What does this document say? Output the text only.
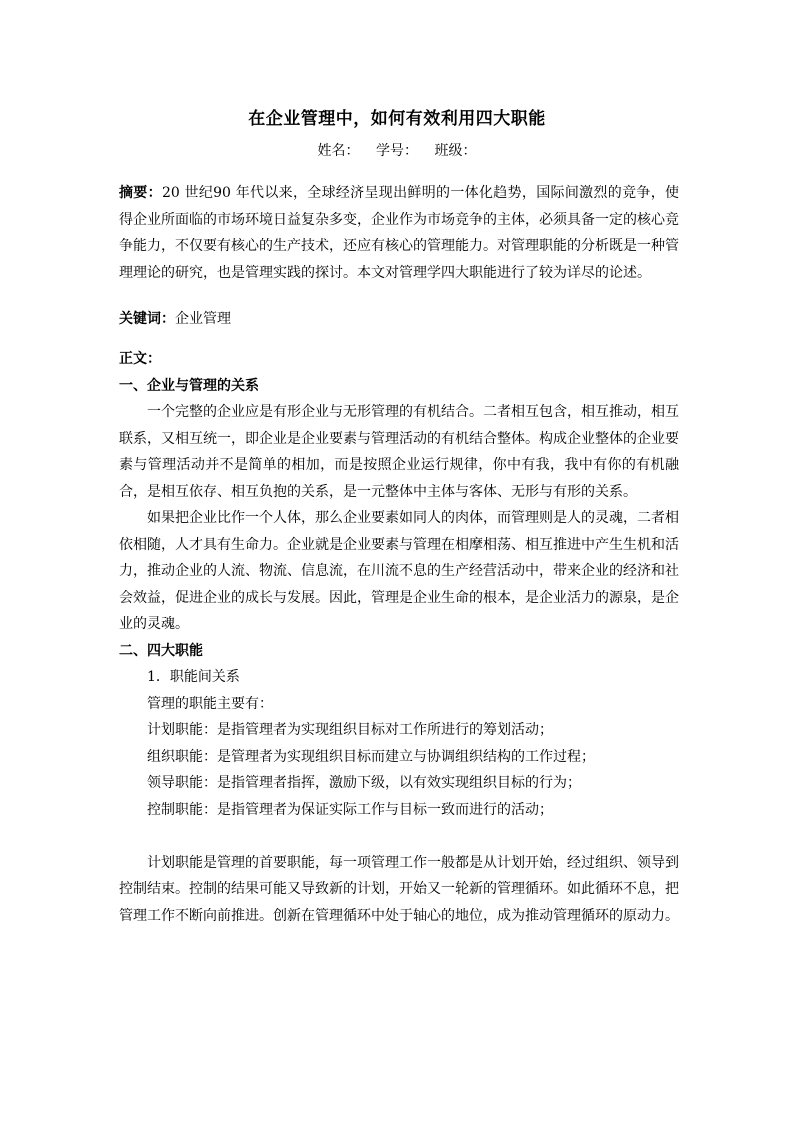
在企业管理中，如何有效利用四大职能
姓名： 学号： 班级：
摘要：20 世纪90 年代以来，全球经济呈现出鲜明的一体化趋势，国际间激烈的竞争，使得企业所面临的市场环境日益复杂多变，企业作为市场竞争的主体，必须具备一定的核心竞争能力，不仅要有核心的生产技术，还应有核心的管理能力。对管理职能的分析既是一种管理理论的研究，也是管理实践的探讨。本文对管理学四大职能进行了较为详尽的论述。
关键词：企业管理

正文：

一、企业与管理的关系

一个完整的企业应是有形企业与无形管理的有机结合。二者相互包含，相互推动，相互联系，又相互统一，即企业是企业要素与管理活动的有机结合整体。构成企业整体的企业要素与管理活动并不是简单的相加，而是按照企业运行规律，你中有我，我中有你的有机融合，是相互依存、相互负抱的关系，是一元整体中主体与客体、无形与有形的关系。

如果把企业比作一个人体，那么企业要素如同人的肉体，而管理则是人的灵魂，二者相依相随，人才具有生命力。企业就是企业要素与管理在相摩相荡、相互推进中产生生机和活力，推动企业的人流、物流、信息流，在川流不息的生产经营活动中，带来企业的经济和社会效益，促进企业的成长与发展。因此，管理是企业生命的根本，是企业活力的源泉，是企业的灵魂。

二、四大职能

1．职能间关系

管理的职能主要有：

计划职能：是指管理者为实现组织目标对工作所进行的筹划活动；

组织职能：是管理者为实现组织目标而建立与协调组织结构的工作过程；

领导职能：是指管理者指挥，激励下级，以有效实现组织目标的行为；

控制职能：是指管理者为保证实际工作与目标一致而进行的活动；

计划职能是管理的首要职能，每一项管理工作一般都是从计划开始，经过组织、领导到控制结束。控制的结果可能又导致新的计划，开始又一轮新的管理循环。如此循环不息，把管理工作不断向前推进。创新在管理循环中处于轴心的地位，成为推动管理循环的原动力。
